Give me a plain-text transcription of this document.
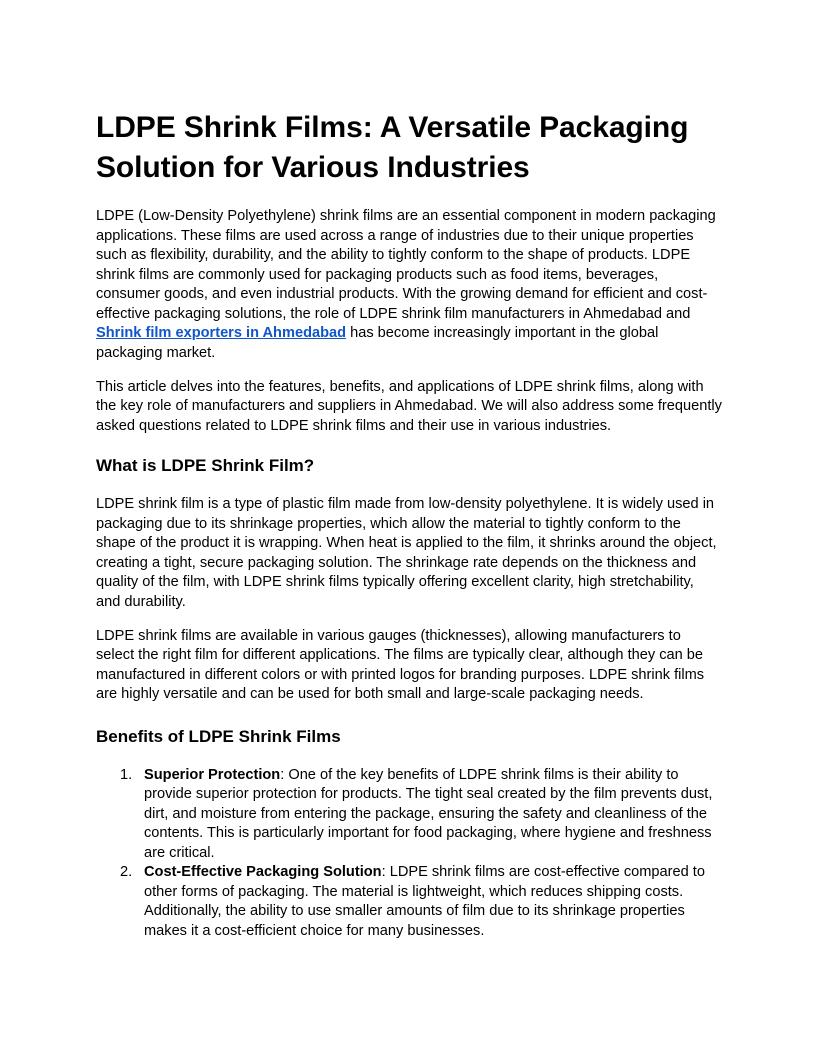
LDPE Shrink Films: A Versatile Packaging Solution for Various Industries

LDPE (Low-Density Polyethylene) shrink films are an essential component in modern packaging applications. These films are used across a range of industries due to their unique properties such as flexibility, durability, and the ability to tightly conform to the shape of products. LDPE shrink films are commonly used for packaging products such as food items, beverages, consumer goods, and even industrial products. With the growing demand for efficient and cost-effective packaging solutions, the role of LDPE shrink film manufacturers in Ahmedabad and Shrink film exporters in Ahmedabad has become increasingly important in the global packaging market.

This article delves into the features, benefits, and applications of LDPE shrink films, along with the key role of manufacturers and suppliers in Ahmedabad. We will also address some frequently asked questions related to LDPE shrink films and their use in various industries.

What is LDPE Shrink Film?

LDPE shrink film is a type of plastic film made from low-density polyethylene. It is widely used in packaging due to its shrinkage properties, which allow the material to tightly conform to the shape of the product it is wrapping. When heat is applied to the film, it shrinks around the object, creating a tight, secure packaging solution. The shrinkage rate depends on the thickness and quality of the film, with LDPE shrink films typically offering excellent clarity, high stretchability, and durability.

LDPE shrink films are available in various gauges (thicknesses), allowing manufacturers to select the right film for different applications. The films are typically clear, although they can be manufactured in different colors or with printed logos for branding purposes. LDPE shrink films are highly versatile and can be used for both small and large-scale packaging needs.

Benefits of LDPE Shrink Films
1. Superior Protection: One of the key benefits of LDPE shrink films is their ability to provide superior protection for products. The tight seal created by the film prevents dust, dirt, and moisture from entering the package, ensuring the safety and cleanliness of the contents. This is particularly important for food packaging, where hygiene and freshness are critical.
2. Cost-Effective Packaging Solution: LDPE shrink films are cost-effective compared to other forms of packaging. The material is lightweight, which reduces shipping costs. Additionally, the ability to use smaller amounts of film due to its shrinkage properties makes it a cost-efficient choice for many businesses.
